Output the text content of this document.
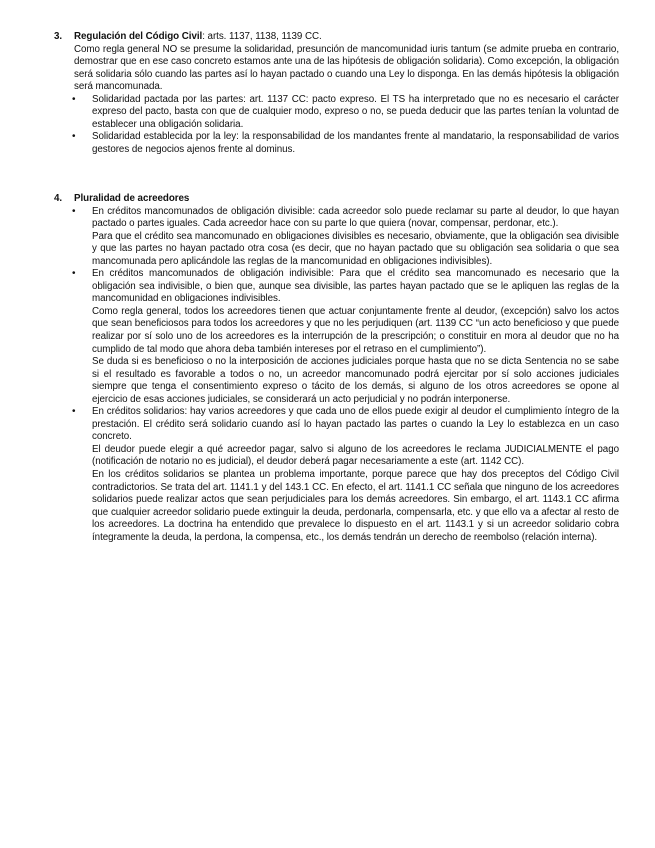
3. Regulación del Código Civil: arts. 1137, 1138, 1139 CC.

Como regla general NO se presume la solidaridad, presunción de mancomunidad iuris tantum (se admite prueba en contrario, demostrar que en ese caso concreto estamos ante una de las hipótesis de obligación solidaria). Como excepción, la obligación será solidaria sólo cuando las partes así lo hayan pactado o cuando una Ley lo disponga. En las demás hipótesis la obligación será mancomunada.

• Solidaridad pactada por las partes: art. 1137 CC: pacto expreso. El TS ha interpretado que no es necesario el carácter expreso del pacto, basta con que de cualquier modo, expreso o no, se pueda deducir que las partes tenían la voluntad de establecer una obligación solidaria.

• Solidaridad establecida por la ley: la responsabilidad de los mandantes frente al mandatario, la responsabilidad de varios gestores de negocios ajenos frente al dominus.

4. Pluralidad de acreedores

• En créditos mancomunados de obligación divisible: cada acreedor solo puede reclamar su parte al deudor, lo que hayan pactado o partes iguales. Cada acreedor hace con su parte lo que quiera (novar, compensar, perdonar, etc.).

Para que el crédito sea mancomunado en obligaciones divisibles es necesario, obviamente, que la obligación sea divisible y que las partes no hayan pactado otra cosa (es decir, que no hayan pactado que su obligación sea solidaria o que sea mancomunada pero aplicándole las reglas de la mancomunidad en obligaciones indivisibles).

• En créditos mancomunados de obligación indivisible: Para que el crédito sea mancomunado es necesario que la obligación sea indivisible, o bien que, aunque sea divisible, las partes hayan pactado que se le apliquen las reglas de la mancomunidad en obligaciones indivisibles.

Como regla general, todos los acreedores tienen que actuar conjuntamente frente al deudor, (excepción) salvo los actos que sean beneficiosos para todos los acreedores y que no les perjudiquen (art. 1139 CC “un acto beneficioso y que puede realizar por sí solo uno de los acreedores es la interrupción de la prescripción; o constituir en mora al deudor que no ha cumplido de tal modo que ahora deba también intereses por el retraso en el cumplimiento”).

Se duda si es beneficioso o no la interposición de acciones judiciales porque hasta que no se dicta Sentencia no se sabe si el resultado es favorable a todos o no, un acreedor mancomunado podrá ejercitar por sí solo acciones judiciales siempre que tenga el consentimiento expreso o tácito de los demás, si alguno de los otros acreedores se opone al ejercicio de esas acciones judiciales, se considerará un acto perjudicial y no podrán interponerse.

• En créditos solidarios: hay varios acreedores y que cada uno de ellos puede exigir al deudor el cumplimiento íntegro de la prestación. El crédito será solidario cuando así lo hayan pactado las partes o cuando la Ley lo establezca en un caso concreto.

El deudor puede elegir a qué acreedor pagar, salvo si alguno de los acreedores le reclama JUDICIALMENTE el pago (notificación de notario no es judicial), el deudor deberá pagar necesariamente a este (art. 1142 CC).

En los créditos solidarios se plantea un problema importante, porque parece que hay dos preceptos del Código Civil contradictorios. Se trata del art. 1141.1 y del 143.1 CC. En efecto, el art. 1141.1 CC señala que ninguno de los acreedores solidarios puede realizar actos que sean perjudiciales para los demás acreedores. Sin embargo, el art. 1143.1 CC afirma que cualquier acreedor solidario puede extinguir la deuda, perdonarla, compensarla, etc. y que ello va a afectar al resto de los acreedores. La doctrina ha entendido que prevalece lo dispuesto en el art. 1143.1 y si un acreedor solidario cobra íntegramente la deuda, la perdona, la compensa, etc., los demás tendrán un derecho de reembolso (relación interna).
